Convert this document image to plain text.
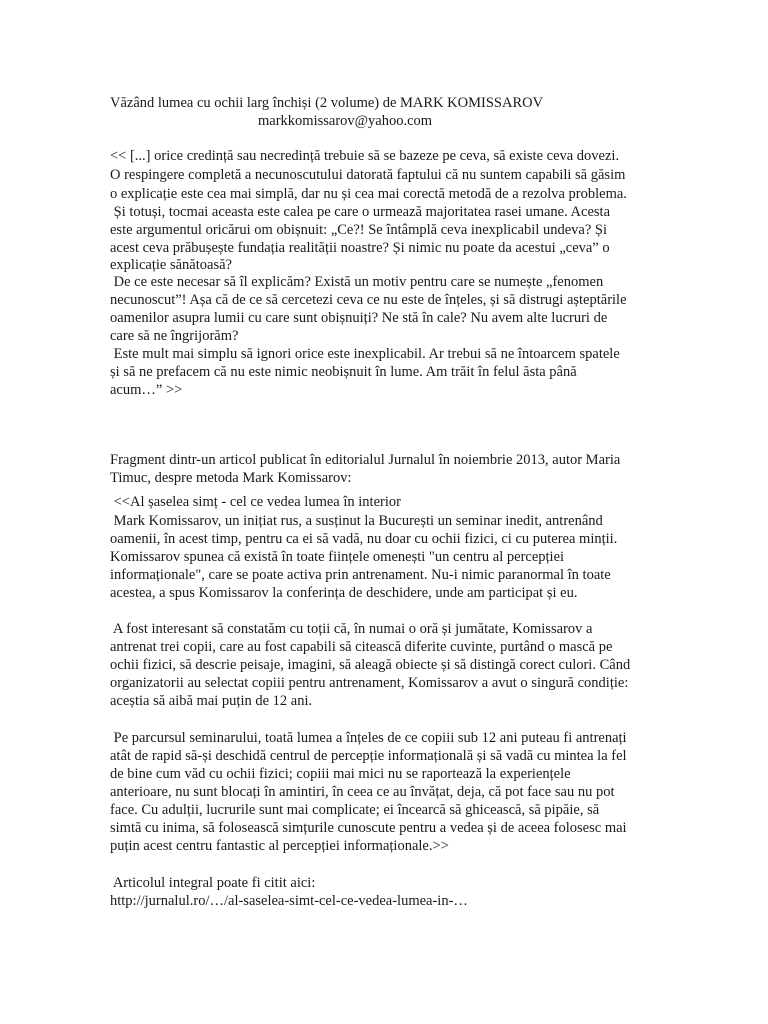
Văzând lumea cu ochii larg închiși (2 volume) de MARK KOMISSAROV
markkomissarov@yahoo.com
<< [...] orice credință sau necredință trebuie să se bazeze pe ceva, să existe ceva dovezi.
O respingere completă a necunoscutului datorată faptului că nu suntem capabili să găsim
o explicație este cea mai simplă, dar nu și cea mai corectă metodă de a rezolva problema.
Și totuși, tocmai aceasta este calea pe care o urmează majoritatea rasei umane. Acesta
este argumentul oricărui om obișnuit: „Ce?! Se întâmplă ceva inexplicabil undeva? Și
acest ceva prăbușește fundația realității noastre? Și nimic nu poate da acestui „ceva” o
explicație sănătoasă?
De ce este necesar să îl explicăm? Există un motiv pentru care se numește „fenomen
necunoscut”! Așa că de ce să cercetezi ceva ce nu este de înțeles, și să distrugi așteptările
oamenilor asupra lumii cu care sunt obișnuiți? Ne stă în cale? Nu avem alte lucruri de
care să ne îngrijorăm?
Este mult mai simplu să ignori orice este inexplicabil. Ar trebui să ne întoarcem spatele
și să ne prefacem că nu este nimic neobișnuit în lume. Am trăit în felul ăsta până
acum…” >>
Fragment dintr-un articol publicat în editorialul Jurnalul în noiembrie 2013, autor Maria
Timuc, despre metoda Mark Komissarov:
<<Al șaselea simț - cel ce vedea lumea în interior
Mark Komissarov, un inițiat rus, a susținut la București un seminar inedit, antrenând
oamenii, în acest timp, pentru ca ei să vadă, nu doar cu ochii fizici, ci cu puterea minții.
Komissarov spunea că există în toate ființele omenești "un centru al percepției
informaționale", care se poate activa prin antrenament. Nu-i nimic paranormal în toate
acestea, a spus Komissarov la conferința de deschidere, unde am participat și eu.
A fost interesant să constatăm cu toții că, în numai o oră și jumătate, Komissarov a
antrenat trei copii, care au fost capabili să citească diferite cuvinte, purtând o mască pe
ochii fizici, să descrie peisaje, imagini, să aleagă obiecte și să distingă corect culori. Când
organizatorii au selectat copiii pentru antrenament, Komissarov a avut o singură condiție:
aceștia să aibă mai puțin de 12 ani.
Pe parcursul seminarului, toată lumea a înțeles de ce copiii sub 12 ani puteau fi antrenați
atât de rapid să-și deschidă centrul de percepție informațională și să vadă cu mintea la fel
de bine cum văd cu ochii fizici; copiii mai mici nu se raportează la experiențele
anterioare, nu sunt blocați în amintiri, în ceea ce au învățat, deja, că pot face sau nu pot
face. Cu adulții, lucrurile sunt mai complicate; ei încearcă să ghicească, să pipăie, să
simtă cu inima, să folosească simțurile cunoscute pentru a vedea și de aceea folosesc mai
puțin acest centru fantastic al percepției informaționale.>>
Articolul integral poate fi citit aici:
http://jurnalul.ro/…/al-saselea-simt-cel-ce-vedea-lumea-in-…
